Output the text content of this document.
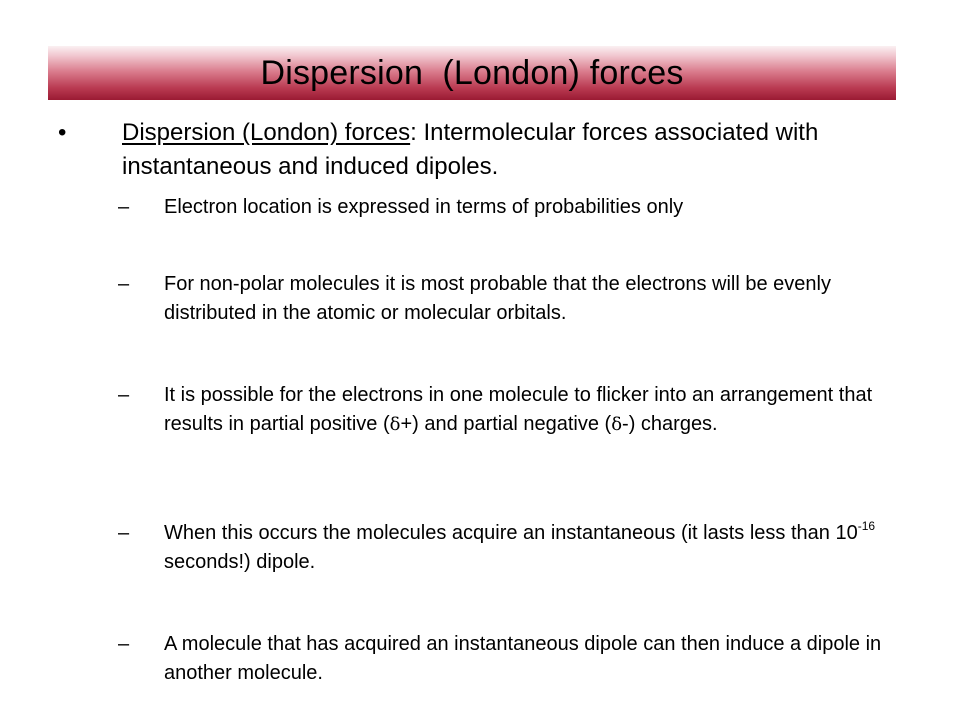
Dispersion  (London) forces
•	Dispersion (London) forces: Intermolecular forces associated with instantaneous and induced dipoles.
–	Electron location is expressed in terms of probabilities only
–	For non-polar molecules it is most probable that the electrons will be evenly distributed in the atomic or molecular orbitals.
–	It is possible for the electrons in one molecule to flicker into an arrangement that results in partial positive (δ+) and partial negative (δ-) charges.
–	When this occurs the molecules acquire an instantaneous (it lasts less than $10^{-16}$ seconds!) dipole.
–	A molecule that has acquired an instantaneous dipole can then induce a dipole in another molecule.
